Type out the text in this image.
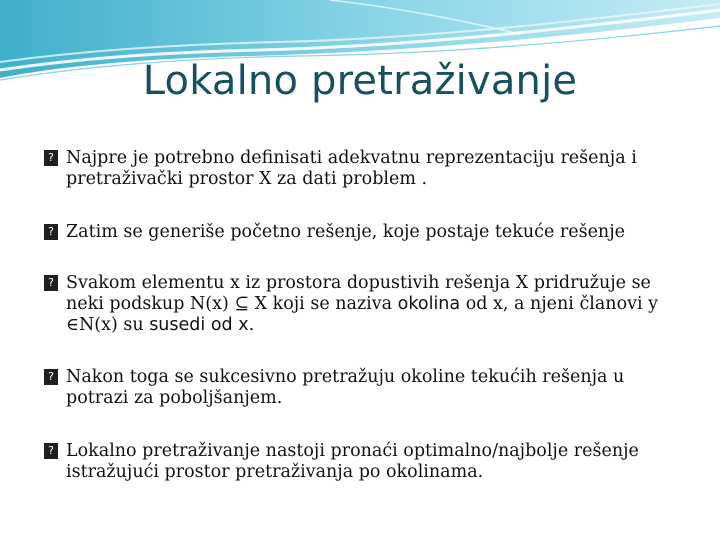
Lokalno pretraživanje
? Najpre je potrebno definisati adekvatnu reprezentaciju rešenja i pretraživački prostor X za dati problem .
? Zatim se generiše početno rešenje, koje postaje tekuće rešenje
? Svakom elementu x iz prostora dopustivih rešenja X pridružuje se neki podskup N(x) ⊆ X koji se naziva okolina od x, a njeni članovi y ∈N(x) su susedi od x.
? Nakon toga se sukcesivno pretražuju okoline tekućih rešenja u potrazi za poboljšanjem.
? Lokalno pretraživanje nastoji pronaći optimalno/najbolje rešenje istražujući prostor pretraživanja po okolinama.
